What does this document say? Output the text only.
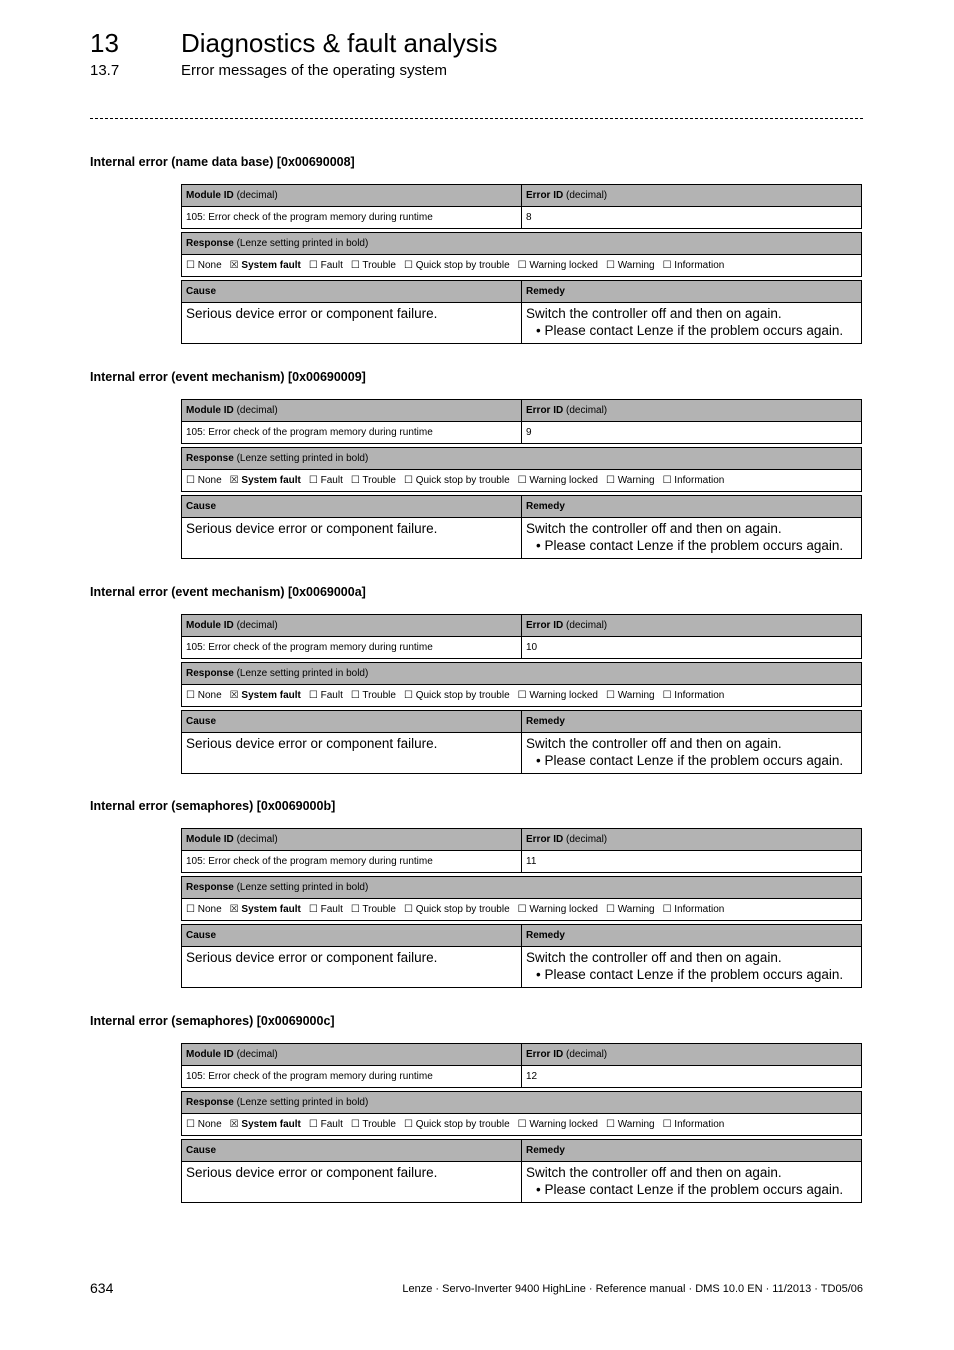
13 Diagnostics & fault analysis
13.7	Error messages of the operating system
Internal error (name data base) [0x00690008]
Module ID (decimal)	Error ID (decimal)
105: Error check of the program memory during runtime	8
Response (Lenze setting printed in bold)
☐ None ☒ System fault ☐ Fault ☐ Trouble ☐ Quick stop by trouble ☐ Warning locked ☐ Warning ☐ Information
Cause	Remedy
Serious device error or component failure.	Switch the controller off and then on again.
• Please contact Lenze if the problem occurs again.
Internal error (event mechanism) [0x00690009]
Module ID (decimal)	Error ID (decimal)
105: Error check of the program memory during runtime	9
Response (Lenze setting printed in bold)
☐ None ☒ System fault ☐ Fault ☐ Trouble ☐ Quick stop by trouble ☐ Warning locked ☐ Warning ☐ Information
Cause	Remedy
Serious device error or component failure.	Switch the controller off and then on again.
• Please contact Lenze if the problem occurs again.
Internal error (event mechanism) [0x0069000a]
Module ID (decimal)	Error ID (decimal)
105: Error check of the program memory during runtime	10
Response (Lenze setting printed in bold)
☐ None ☒ System fault ☐ Fault ☐ Trouble ☐ Quick stop by trouble ☐ Warning locked ☐ Warning ☐ Information
Cause	Remedy
Serious device error or component failure.	Switch the controller off and then on again.
• Please contact Lenze if the problem occurs again.
Internal error (semaphores) [0x0069000b]
Module ID (decimal)	Error ID (decimal)
105: Error check of the program memory during runtime	11
Response (Lenze setting printed in bold)
☐ None ☒ System fault ☐ Fault ☐ Trouble ☐ Quick stop by trouble ☐ Warning locked ☐ Warning ☐ Information
Cause	Remedy
Serious device error or component failure.	Switch the controller off and then on again.
• Please contact Lenze if the problem occurs again.
Internal error (semaphores) [0x0069000c]
Module ID (decimal)	Error ID (decimal)
105: Error check of the program memory during runtime	12
Response (Lenze setting printed in bold)
☐ None ☒ System fault ☐ Fault ☐ Trouble ☐ Quick stop by trouble ☐ Warning locked ☐ Warning ☐ Information
Cause	Remedy
Serious device error or component failure.	Switch the controller off and then on again.
• Please contact Lenze if the problem occurs again.
634	Lenze · Servo-Inverter 9400 HighLine · Reference manual · DMS 10.0 EN · 11/2013 · TD05/06
